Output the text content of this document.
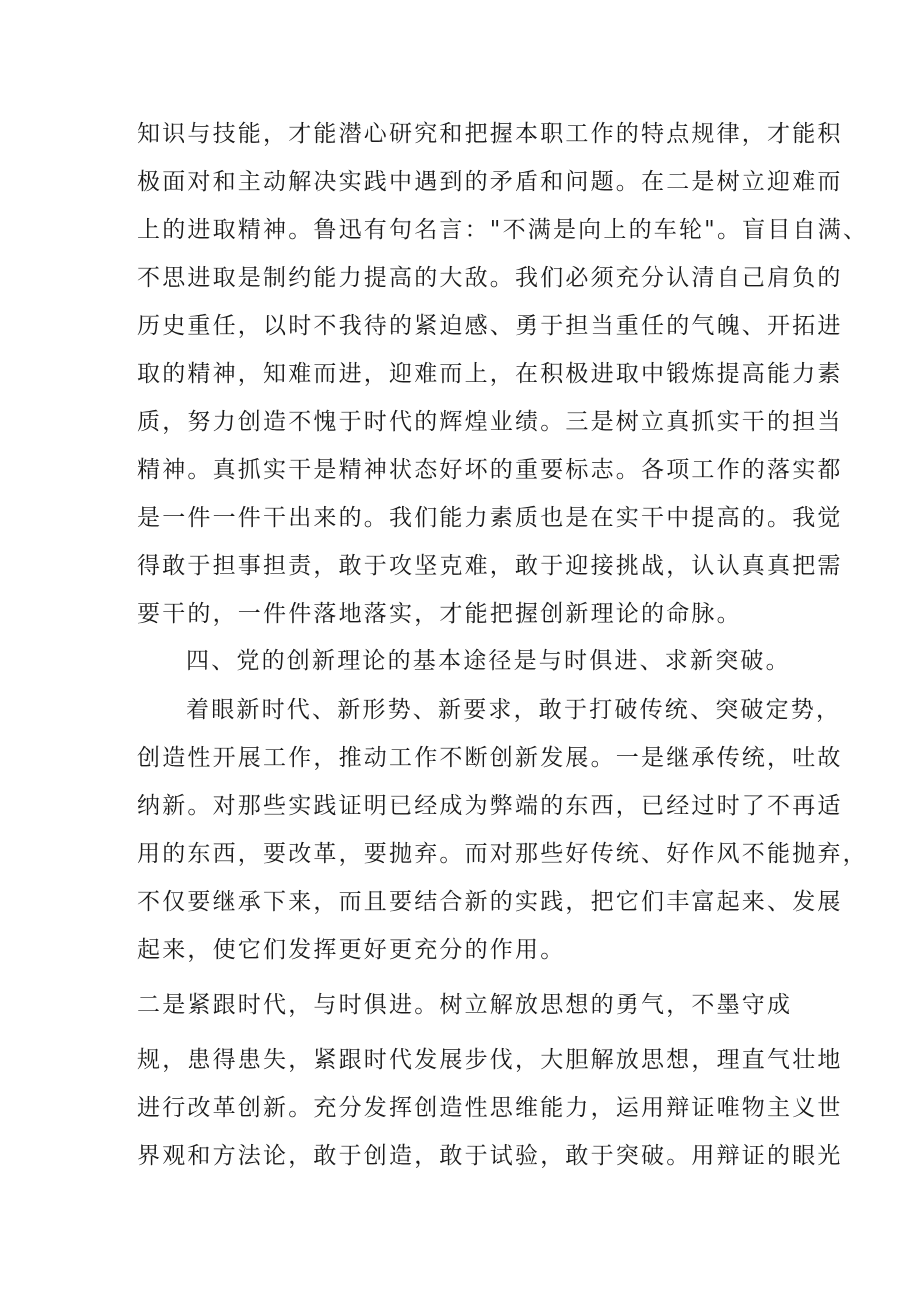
知识与技能，才能潜心研究和把握本职工作的特点规律，才能积
极面对和主动解决实践中遇到的矛盾和问题。在二是树立迎难而
上的进取精神。鲁迅有句名言："不满是向上的车轮"。盲目自满、
不思进取是制约能力提高的大敌。我们必须充分认清自己肩负的
历史重任，以时不我待的紧迫感、勇于担当重任的气魄、开拓进
取的精神，知难而进，迎难而上，在积极进取中锻炼提高能力素
质，努力创造不愧于时代的辉煌业绩。三是树立真抓实干的担当
精神。真抓实干是精神状态好坏的重要标志。各项工作的落实都
是一件一件干出来的。我们能力素质也是在实干中提高的。我觉
得敢于担事担责，敢于攻坚克难，敢于迎接挑战，认认真真把需
要干的，一件件落地落实，才能把握创新理论的命脉。
四、党的创新理论的基本途径是与时俱进、求新突破。
着眼新时代、新形势、新要求，敢于打破传统、突破定势，
创造性开展工作，推动工作不断创新发展。一是继承传统，吐故
纳新。对那些实践证明已经成为弊端的东西，已经过时了不再适
用的东西，要改革，要抛弃。而对那些好传统、好作风不能抛弃，
不仅要继承下来，而且要结合新的实践，把它们丰富起来、发展
起来，使它们发挥更好更充分的作用。
二是紧跟时代，与时俱进。树立解放思想的勇气，不墨守成
规，患得患失，紧跟时代发展步伐，大胆解放思想，理直气壮地
进行改革创新。充分发挥创造性思维能力，运用辩证唯物主义世
界观和方法论，敢于创造，敢于试验，敢于突破。用辩证的眼光
